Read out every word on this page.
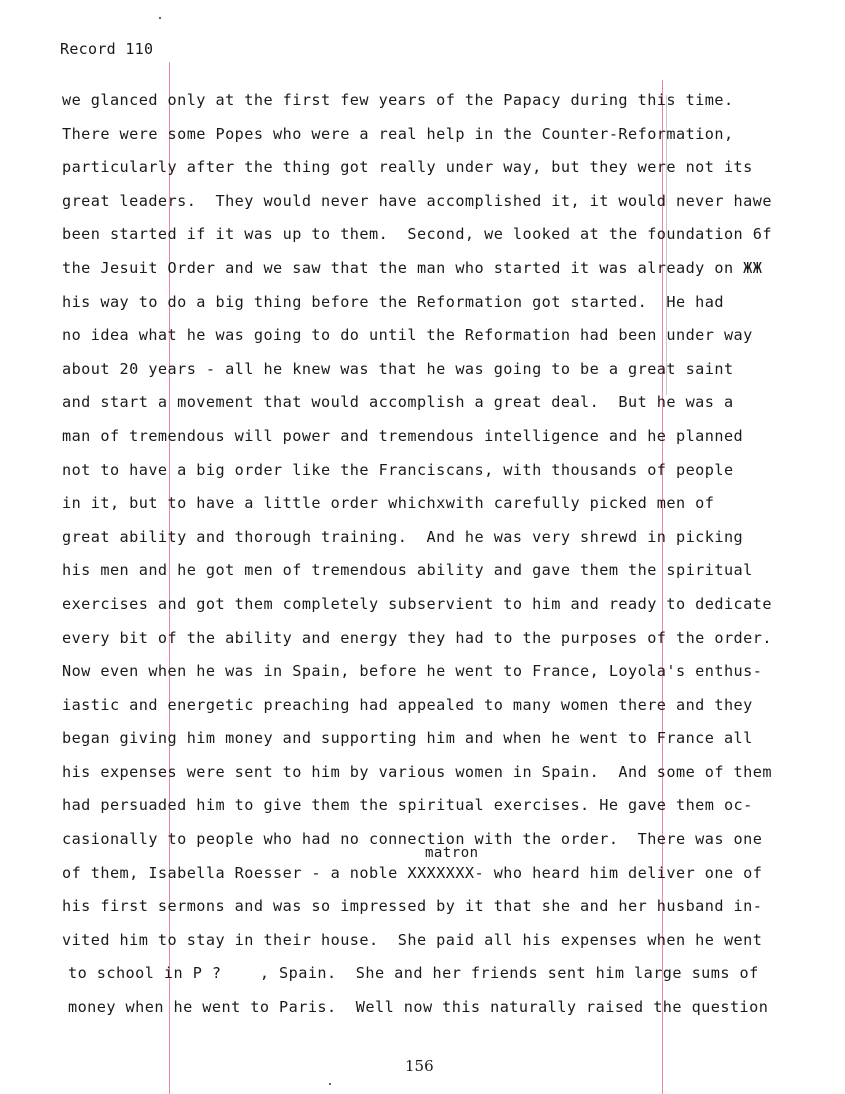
Record 110
we glanced only at the first few years of the Papacy during this time.
There were some Popes who were a real help in the Counter-Reformation,
particularly after the thing got really under way, but they were not its
great leaders.  They would never have accomplished it, it would never hawe
been started if it was up to them.  Second, we looked at the foundation 6f
the Jesuit Order and we saw that the man who started it was already on ЖЖ
his way to do a big thing before the Reformation got started.  He had
no idea what he was going to do until the Reformation had been under way
about 20 years - all he knew was that he was going to be a great saint
and start a movement that would accomplish a great deal.  But he was a
man of tremendous will power and tremendous intelligence and he planned
not to have a big order like the Franciscans, with thousands of people
in it, but to have a little order whichxwith carefully picked men of
great ability and thorough training.  And he was very shrewd in picking
his men and he got men of tremendous ability and gave them the spiritual
exercises and got them completely subservient to him and ready to dedicate
every bit of the ability and energy they had to the purposes of the order.
Now even when he was in Spain, before he went to France, Loyola's enthus-
iastic and energetic preaching had appealed to many women there and they
began giving him money and supporting him and when he went to France all
his expenses were sent to him by various women in Spain.  And some of them
had persuaded him to give them the spiritual exercises. He gave them oc-
casionally to people who had no connection with the order.  There was one
of them, Isabella Roesser - a noble XXXXXXX- who heard him deliver one of
his first sermons and was so impressed by it that she and her husband in-
vited him to stay in their house.  She paid all his expenses when he went
to school in P ?    , Spain.  She and her friends sent him large sums of
money when he went to Paris.  Well now this naturally raised the question
matron
156
